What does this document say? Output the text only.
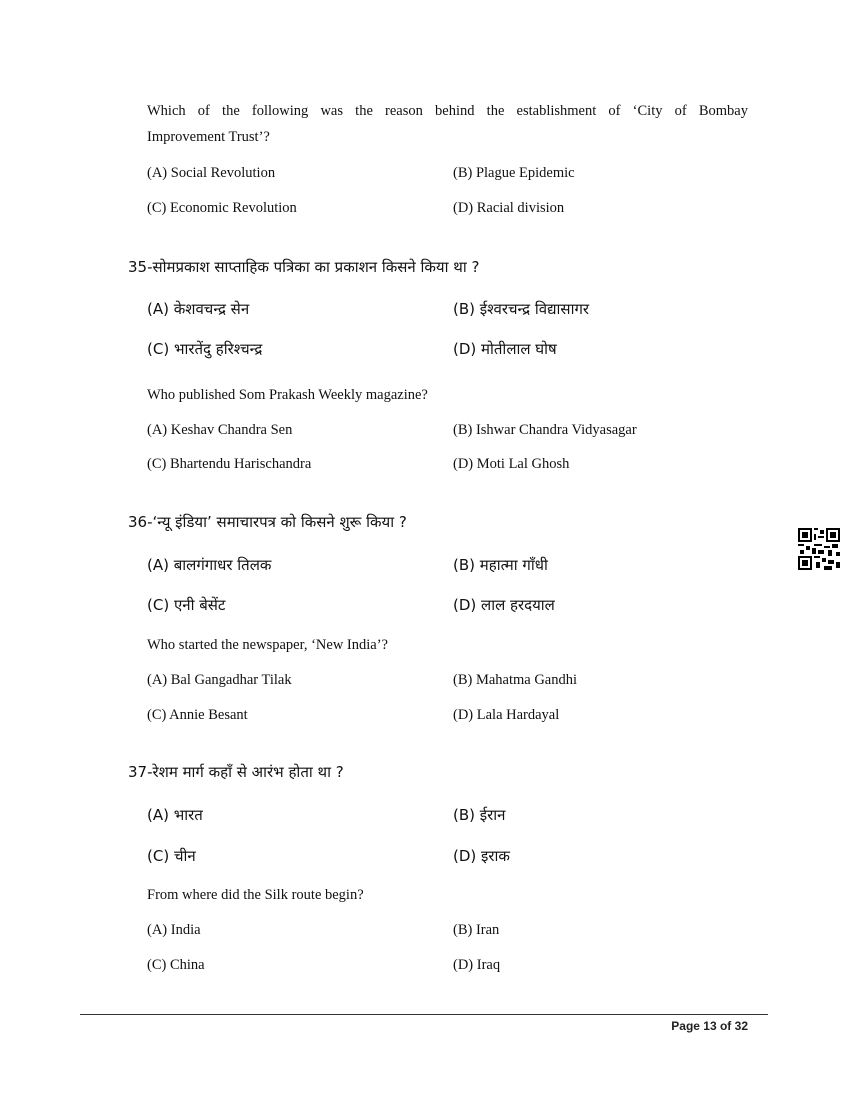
Which of the following was the reason behind the establishment of ‘City of Bombay
Improvement Trust’?
(A) Social Revolution	(B) Plague Epidemic
(C) Economic Revolution	(D) Racial division
35-सोमप्रकाश साप्ताहिक पत्रिका का प्रकाशन किसने किया था ?
(A) केशवचन्द्र सेन	(B) ईश्वरचन्द्र विद्यासागर
(C) भारतेंदु हरिश्चन्द्र	(D) मोतीलाल घोष
Who published Som Prakash Weekly magazine?
(A) Keshav Chandra Sen	(B) Ishwar Chandra Vidyasagar
(C) Bhartendu Harischandra	(D) Moti Lal Ghosh
36-‘न्यू इंडिया’ समाचारपत्र को किसने शुरू किया ?
(A) बालगंगाधर तिलक	(B) महात्मा गाँधी
(C) एनी बेसेंट	(D) लाल हरदयाल
Who started the newspaper, ‘New India’?
(A) Bal Gangadhar Tilak	(B) Mahatma Gandhi
(C) Annie Besant	(D) Lala Hardayal
37-रेशम मार्ग कहाँ से आरंभ होता था ?
(A) भारत	(B) ईरान
(C) चीन	(D) इराक
From where did the Silk route begin?
(A) India	(B) Iran
(C) China	(D) Iraq
Page 13 of 32
